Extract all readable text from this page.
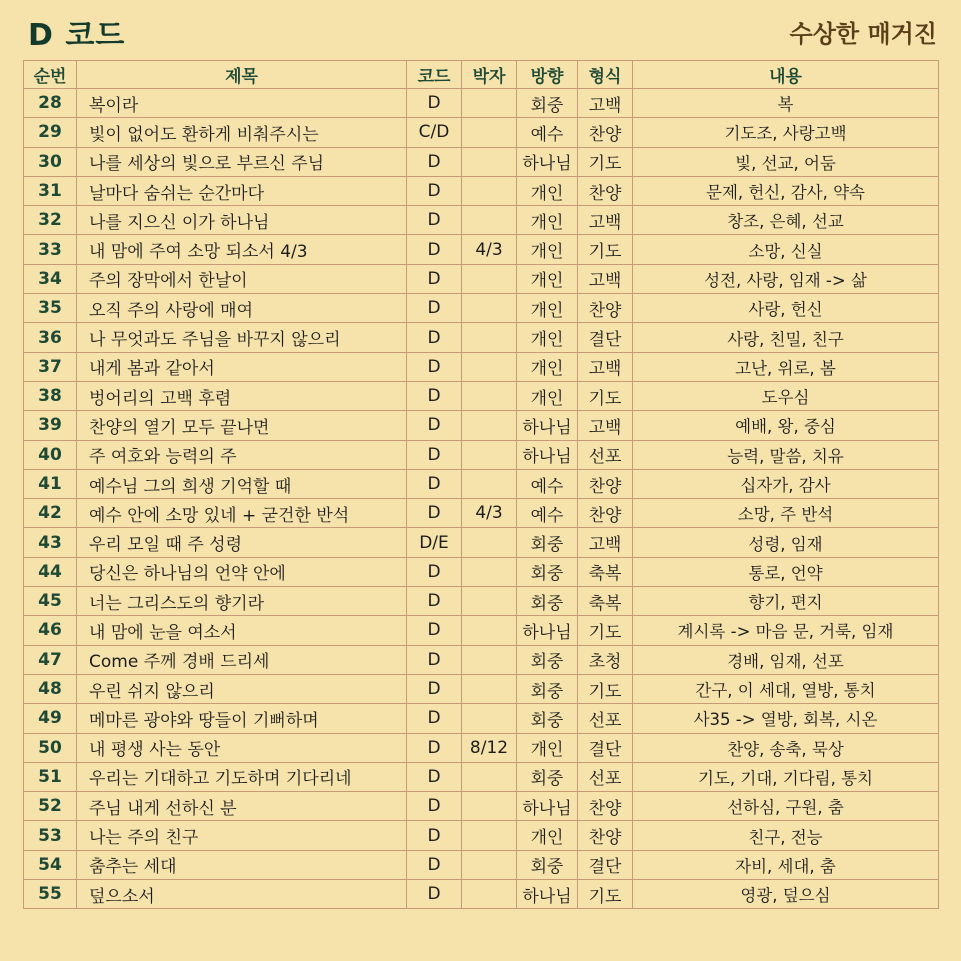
D 코드	수상한 매거진
순번	제목	코드	박자	방향	형식	내용
28	복이라	D		회중	고백	복
29	빛이 없어도 환하게 비춰주시는	C/D		예수	찬양	기도조, 사랑고백
30	나를 세상의 빛으로 부르신 주님	D		하나님	기도	빛, 선교, 어둠
31	날마다 숨쉬는 순간마다	D		개인	찬양	문제, 헌신, 감사, 약속
32	나를 지으신 이가 하나님	D		개인	고백	창조, 은혜, 선교
33	내 맘에 주여 소망 되소서 4/3	D	4/3	개인	기도	소망, 신실
34	주의 장막에서 한날이	D		개인	고백	성전, 사랑, 임재 -> 삶
35	오직 주의 사랑에 매여	D		개인	찬양	사랑, 헌신
36	나 무엇과도 주님을 바꾸지 않으리	D		개인	결단	사랑, 친밀, 친구
37	내게 봄과 같아서	D		개인	고백	고난, 위로, 봄
38	벙어리의 고백 후렴	D		개인	기도	도우심
39	찬양의 열기 모두 끝나면	D		하나님	고백	예배, 왕, 중심
40	주 여호와 능력의 주	D		하나님	선포	능력, 말씀, 치유
41	예수님 그의 희생 기억할 때	D		예수	찬양	십자가, 감사
42	예수 안에 소망 있네 + 굳건한 반석	D	4/3	예수	찬양	소망, 주 반석
43	우리 모일 때 주 성령	D/E		회중	고백	성령, 임재
44	당신은 하나님의 언약 안에	D		회중	축복	통로, 언약
45	너는 그리스도의 향기라	D		회중	축복	향기, 편지
46	내 맘에 눈을 여소서	D		하나님	기도	계시록 -> 마음 문, 거룩, 임재
47	Come 주께 경배 드리세	D		회중	초청	경배, 임재, 선포
48	우린 쉬지 않으리	D		회중	기도	간구, 이 세대, 열방, 통치
49	메마른 광야와 땅들이 기뻐하며	D		회중	선포	사35 -> 열방, 회복, 시온
50	내 평생 사는 동안	D	8/12	개인	결단	찬양, 송축, 묵상
51	우리는 기대하고 기도하며 기다리네	D		회중	선포	기도, 기대, 기다림, 통치
52	주님 내게 선하신 분	D		하나님	찬양	선하심, 구원, 춤
53	나는 주의 친구	D		개인	찬양	친구, 전능
54	춤추는 세대	D		회중	결단	자비, 세대, 춤
55	덮으소서	D		하나님	기도	영광, 덮으심
